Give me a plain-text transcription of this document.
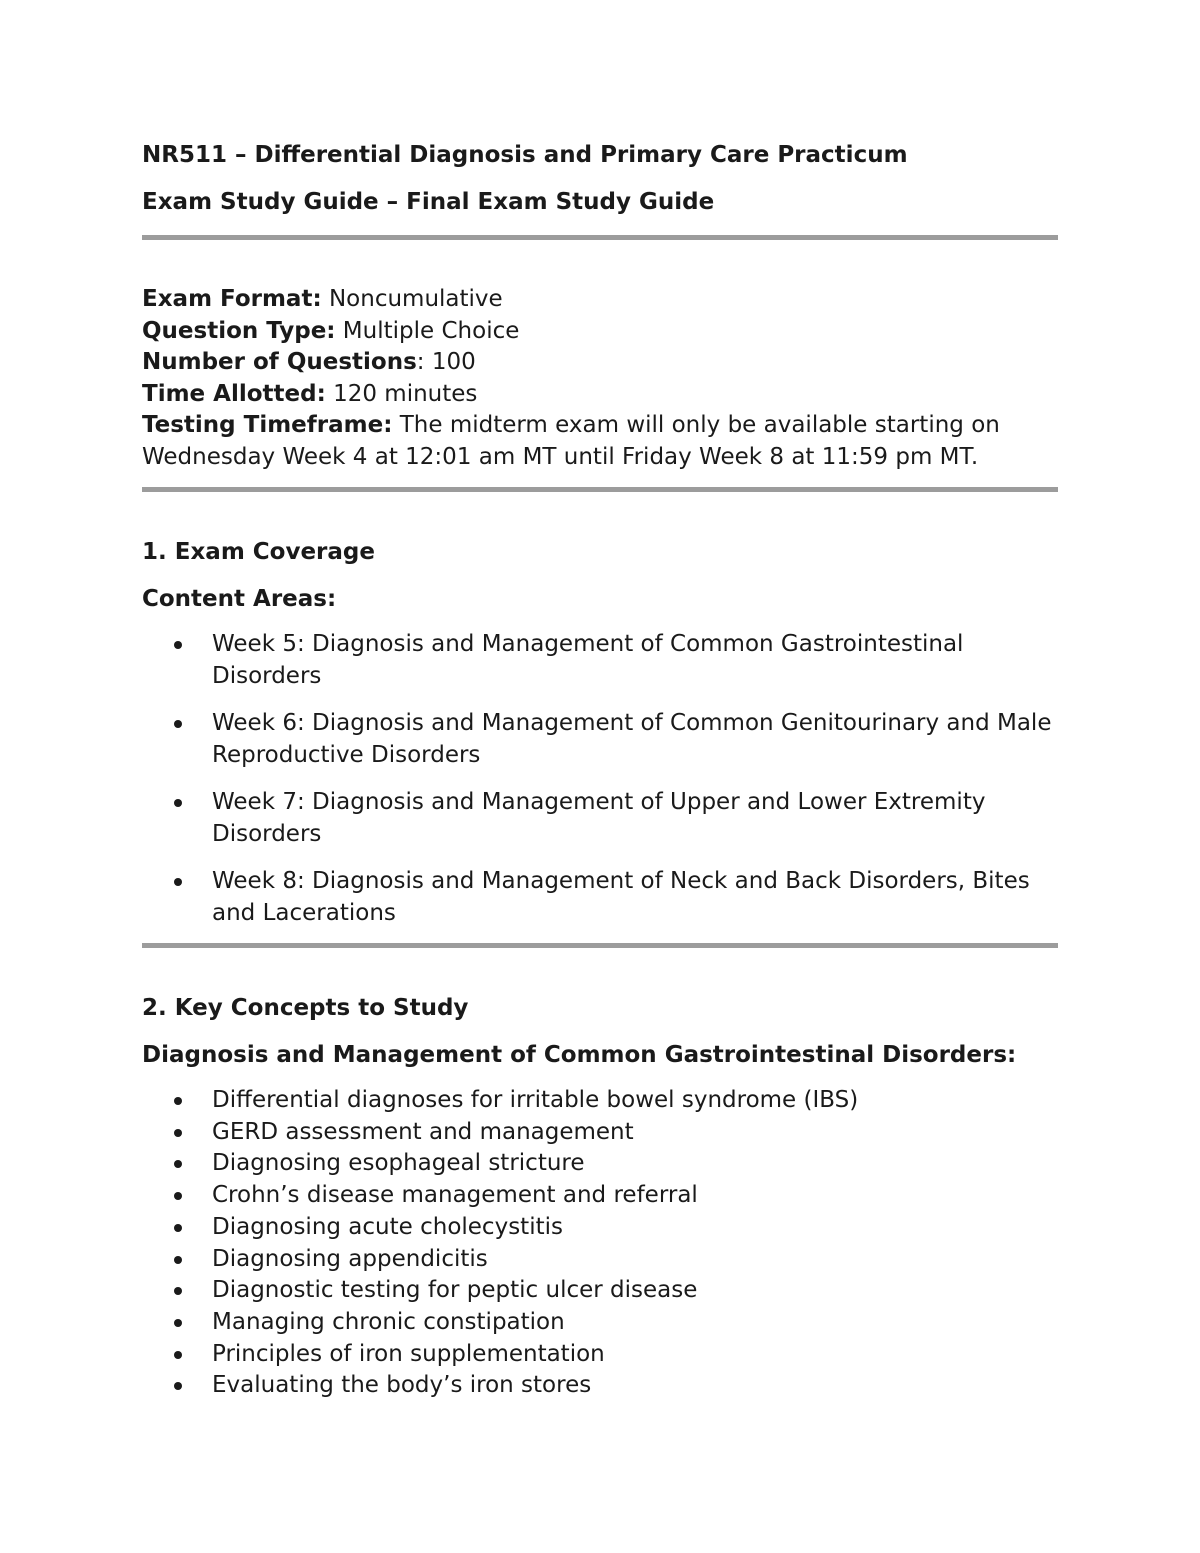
NR511 – Differential Diagnosis and Primary Care Practicum

Exam Study Guide – Final Exam Study Guide

Exam Format: Noncumulative

Question Type: Multiple Choice

Number of Questions: 100

Time Allotted: 120 minutes

Testing Timeframe: The midterm exam will only be available starting on Wednesday Week 4 at 12:01 am MT until Friday Week 8 at 11:59 pm MT.

1. Exam Coverage

Content Areas:

Week 5: Diagnosis and Management of Common Gastrointestinal Disorders
Week 6: Diagnosis and Management of Common Genitourinary and Male Reproductive Disorders
Week 7: Diagnosis and Management of Upper and Lower Extremity Disorders
Week 8: Diagnosis and Management of Neck and Back Disorders, Bites and Lacerations

2. Key Concepts to Study

Diagnosis and Management of Common Gastrointestinal Disorders:

Differential diagnoses for irritable bowel syndrome (IBS)
GERD assessment and management
Diagnosing esophageal stricture
Crohn’s disease management and referral
Diagnosing acute cholecystitis
Diagnosing appendicitis
Diagnostic testing for peptic ulcer disease
Managing chronic constipation
Principles of iron supplementation
Evaluating the body’s iron stores
